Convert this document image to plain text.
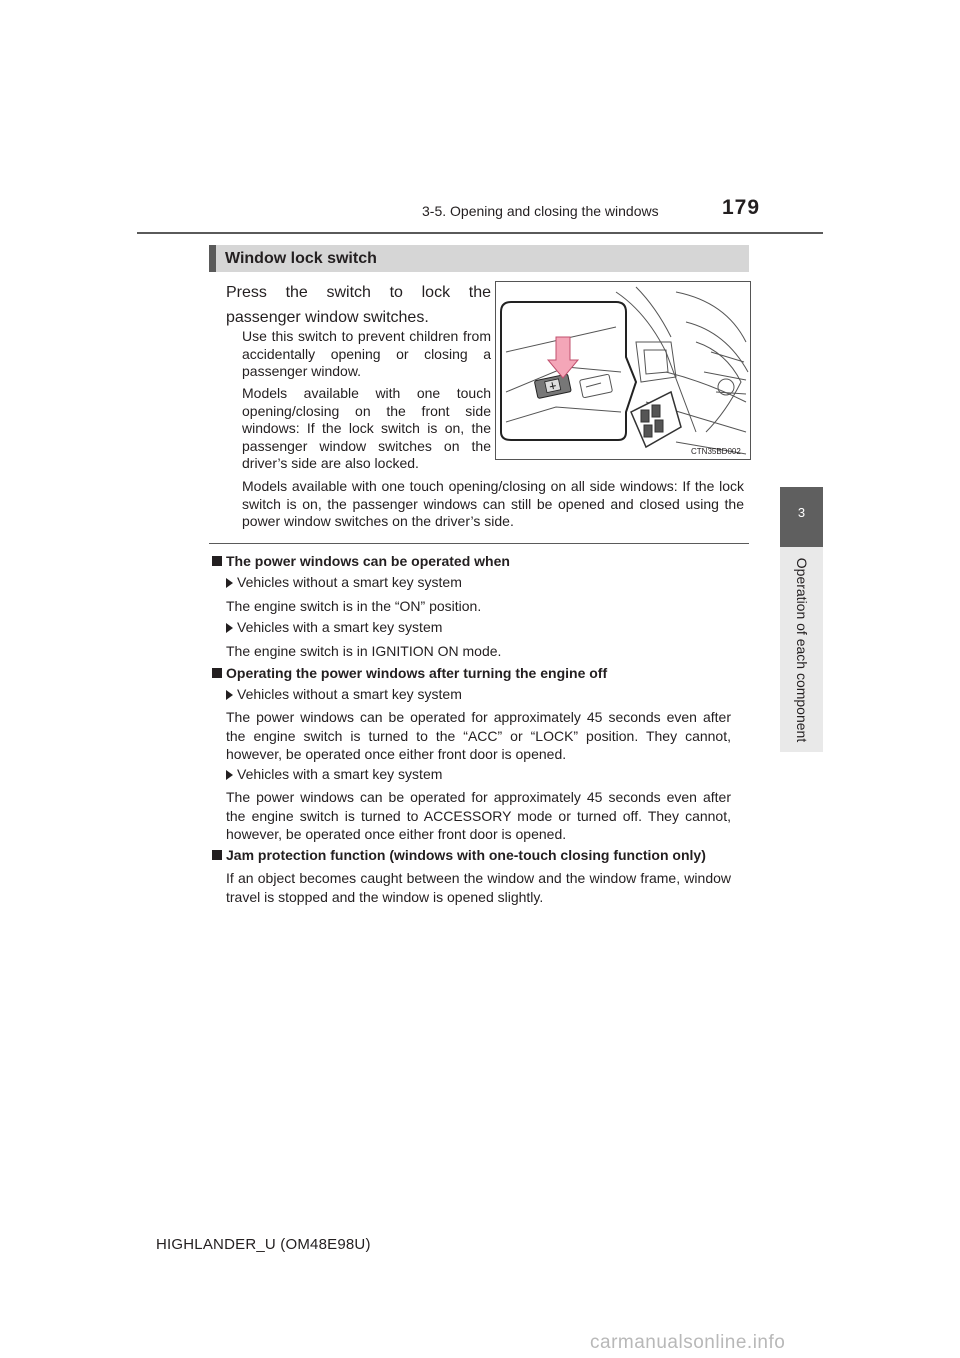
3-5. Opening and closing the windows	179
3
Operation of each component
Window lock switch
Press the switch to lock the passenger window switches.
Use this switch to prevent children from accidentally opening or closing a passenger window.
Models available with one touch opening/closing on the front side windows: If the lock switch is on, the passenger window switches on the driver’s side are also locked.
Models available with one touch opening/closing on all side windows: If the lock switch is on, the passenger windows can still be opened and closed using the power window switches on the driver’s side.
CTN35BD002
The power windows can be operated when
Vehicles without a smart key system
The engine switch is in the “ON” position.
Vehicles with a smart key system
The engine switch is in IGNITION ON mode.
Operating the power windows after turning the engine off
Vehicles without a smart key system
The power windows can be operated for approximately 45 seconds even after the engine switch is turned to the “ACC” or “LOCK” position. They cannot, however, be operated once either front door is opened.
Vehicles with a smart key system
The power windows can be operated for approximately 45 seconds even after the engine switch is turned to ACCESSORY mode or turned off. They cannot, however, be operated once either front door is opened.
Jam protection function (windows with one-touch closing function only)
If an object becomes caught between the window and the window frame, window travel is stopped and the window is opened slightly.
HIGHLANDER_U (OM48E98U)
carmanualsonline.info
